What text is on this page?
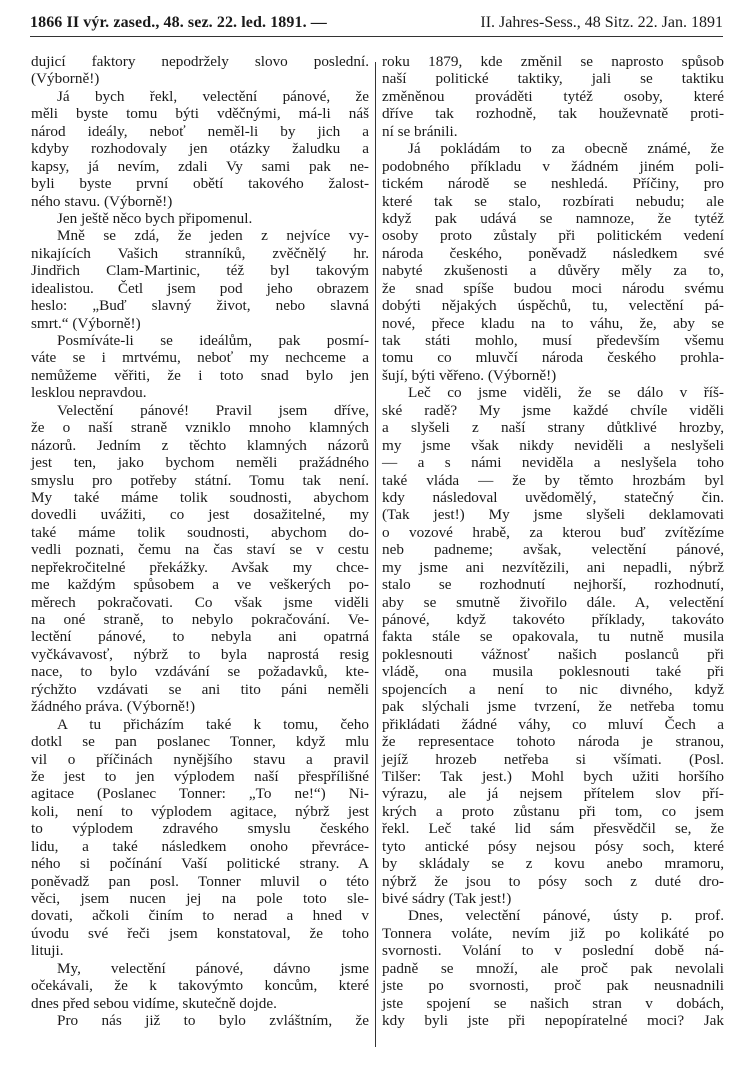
1866 II výr. zased., 48. sez. 22. led. 1891. —	II. Jahres-Sess., 48 Sitz. 22. Jan. 1891
dujicí faktory nepodržely slovo poslední.
(Výborně!)
Já bych řekl, velectění pánové, že
měli byste tomu býti vděčnými, má-li náš
národ ideály, neboť neměl-li by jich a
kdyby rozhodovaly jen otázky žaludku a
kapsy, já nevím, zdali Vy sami pak ne-
byli byste první obětí takového žalost-
ného stavu. (Výborně!)
Jen ještě něco bych připomenul.
Mně se zdá, že jeden z nejvíce vy-
nikajících Vašich stranníků, zvěčnělý hr.
Jindřich Clam-Martinic, též byl takovým
idealistou. Četl jsem pod jeho obrazem
heslo: „Buď slavný život, nebo slavná
smrt.“ (Výborně!)
Posmíváte-li se ideálům, pak posmí-
váte se i mrtvému, neboť my nechceme a
nemůžeme věřiti, že i toto snad bylo jen
lesklou nepravdou.
Velectění pánové! Pravil jsem dříve,
že o naší straně vzniklo mnoho klamných
názorů. Jedním z těchto klamných názorů
jest ten, jako bychom neměli pražádného
smyslu pro potřeby státní. Tomu tak není.
My také máme tolik soudnosti, abychom
dovedli uvážiti, co jest dosažitelné, my
také máme tolik soudnosti, abychom do-
vedli poznati, čemu na čas staví se v cestu
nepřekročitelné překážky. Avšak my chce-
me každým spůsobem a ve veškerých po-
měrech pokračovati. Co však jsme viděli
na oné straně, to nebylo pokračování. Ve-
lectění pánové, to nebyla ani opatrná
vyčkávavosť, nýbrž to byla naprostá resig
nace, to bylo vzdávání se požadavků, kte-
rýchžto vzdávati se ani tito páni neměli
žádného práva. (Výborně!)
A tu přicházím také k tomu, čeho
dotkl se pan poslanec Tonner, když mlu
vil o příčinách nynějšího stavu a pravil
že jest to jen výplodem naší přespřílišné
agitace (Poslanec Tonner: „To ne!“) Ni-
koli, není to výplodem agitace, nýbrž jest
to výplodem zdravého smyslu českého
lidu, a také následkem onoho převráce-
ného si počínání Vaší politické strany. A
poněvadž pan posl. Tonner mluvil o této
věci, jsem nucen jej na pole toto sle-
dovati, ačkoli činím to nerad a hned v
úvodu své řeči jsem konstatoval, že toho
lituji.
My, velectění pánové, dávno jsme
očekávali, že k takovýmto koncům, které
dnes před sebou vidíme, skutečně dojde.
Pro nás již to bylo zvláštním, že
roku 1879, kde změnil se naprosto spůsob
naší politické taktiky, jali se taktiku
změněnou prováděti tytéž osoby, které
dříve tak rozhodně, tak houževnatě proti-
ní se bránili.
Já pokládám to za obecně známé, že
podobného příkladu v žádném jiném poli-
tickém národě se neshledá. Příčiny, pro
které tak se stalo, rozbírati nebudu; ale
když pak udává se namnoze, že tytéž
osoby proto zůstaly při politickém vedení
národa českého, poněvadž následkem své
nabyté zkušenosti a důvěry měly za to,
že snad spíše budou moci národu svému
dobýti nějakých úspěchů, tu, velectění pá-
nové, přece kladu na to váhu, že, aby se
tak státi mohlo, musí především všemu
tomu co mluvčí národa českého prohla-
šují, býti věřeno. (Výborně!)
Leč co jsme viděli, že se dálo v říš-
ské radě? My jsme každé chvíle viděli
a slyšeli z naší strany důtklivé hrozby,
my jsme však nikdy neviděli a neslyšeli
— a s námi neviděla a neslyšela toho
také vláda — že by těmto hrozbám byl
kdy následoval uvědomělý, statečný čin.
(Tak jest!) My jsme slyšeli deklamovati
o vozové hrabě, za kterou buď zvítězíme
neb padneme; avšak, velectění pánové,
my jsme ani nezvítězili, ani nepadli, nýbrž
stalo se rozhodnutí nejhorší, rozhodnutí,
aby se smutně živořilo dále. A, velectění
pánové, když takovéto příklady, takováto
fakta stále se opakovala, tu nutně musila
poklesnouti vážnosť našich poslanců při
vládě, ona musila poklesnouti také při
spojencích a není to nic divného, když
pak slýchali jsme tvrzení, že netřeba tomu
přikládati žádné váhy, co mluví Čech a
že representace tohoto národa je stranou,
jejíž hrozeb netřeba si všímati. (Posl.
Tilšer: Tak jest.) Mohl bych užiti horšího
výrazu, ale já nejsem přítelem slov pří-
krých a proto zůstanu při tom, co jsem
řekl. Leč také lid sám přesvědčil se, že
tyto antické pósy nejsou pósy soch, které
by skládaly se z kovu anebo mramoru,
nýbrž že jsou to pósy soch z duté dro-
bivé sádry (Tak jest!)
Dnes, velectění pánové, ústy p. prof.
Tonnera voláte, nevím již po kolikáté po
svornosti. Volání to v poslední době ná-
padně se množí, ale proč pak nevolali
jste po svornosti, proč pak neusnadnili
jste spojení se našich stran v dobách,
kdy byli jste při nepopíratelné moci? Jak
